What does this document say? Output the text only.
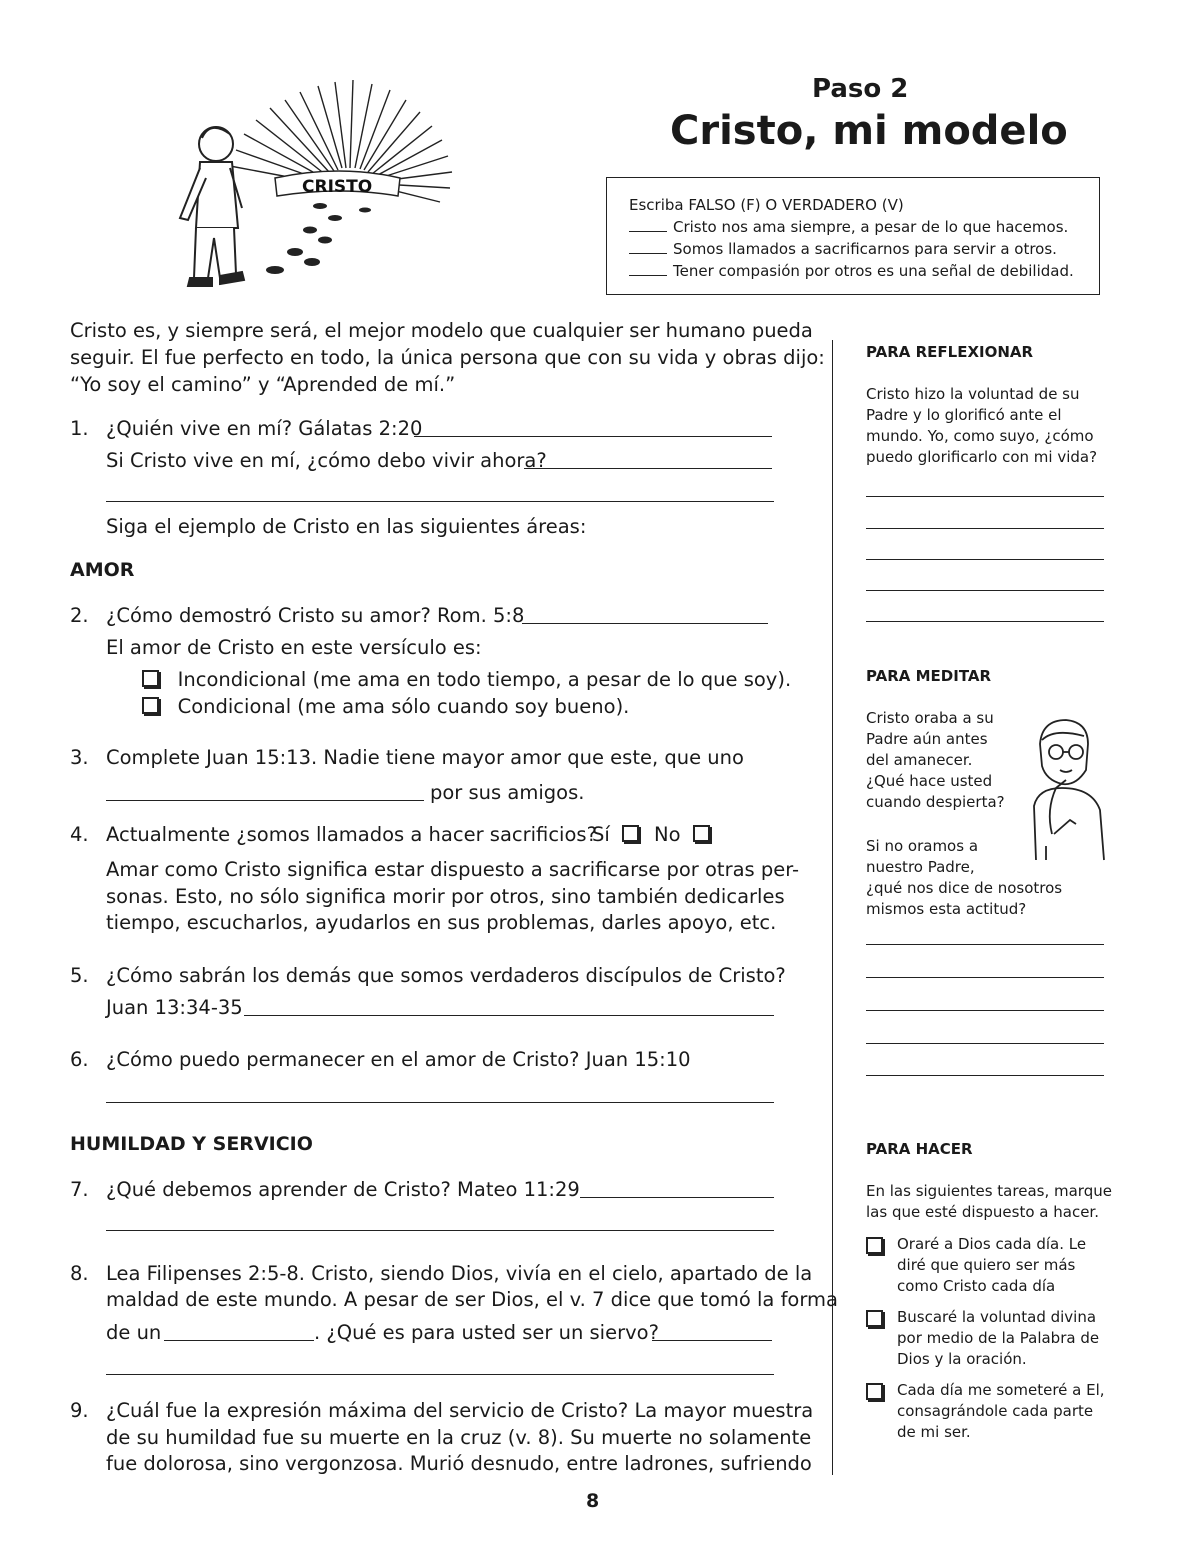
CRISTO
Paso 2
Cristo, mi modelo
Escriba FALSO (F) O VERDADERO (V)
Cristo nos ama siempre, a pesar de lo que hacemos.
Somos llamados a sacrificarnos para servir a otros.
Tener compasión por otros es una señal de debilidad.
Cristo es, y siempre será, el mejor modelo que cualquier ser humano pueda
seguir. El fue perfecto en todo, la única persona que con su vida y obras dijo:
“Yo soy el camino” y “Aprended de mí.”
1. ¿Quién vive en mí? Gálatas 2:20
Si Cristo vive en mí, ¿cómo debo vivir ahora?
Siga el ejemplo de Cristo en las siguientes áreas:
AMOR
2. ¿Cómo demostró Cristo su amor? Rom. 5:8
El amor de Cristo en este versículo es:
Incondicional (me ama en todo tiempo, a pesar de lo que soy).
Condicional (me ama sólo cuando soy bueno).
3. Complete Juan 15:13. Nadie tiene mayor amor que este, que uno
por sus amigos.
4. Actualmente ¿somos llamados a hacer sacrificios?
Sí	No
Amar como Cristo significa estar dispuesto a sacrificarse por otras per-
sonas. Esto, no sólo significa morir por otros, sino también dedicarles
tiempo, escucharlos, ayudarlos en sus problemas, darles apoyo, etc.
5. ¿Cómo sabrán los demás que somos verdaderos discípulos de Cristo?
Juan 13:34-35
6. ¿Cómo puedo permanecer en el amor de Cristo? Juan 15:10
HUMILDAD Y SERVICIO
7. ¿Qué debemos aprender de Cristo? Mateo 11:29
8. Lea Filipenses 2:5-8. Cristo, siendo Dios, vivía en el cielo, apartado de la
maldad de este mundo. A pesar de ser Dios, el v. 7 dice que tomó la forma
de un	. ¿Qué es para usted ser un siervo?
9. ¿Cuál fue la expresión máxima del servicio de Cristo? La mayor muestra
de su humildad fue su muerte en la cruz (v. 8). Su muerte no solamente
fue dolorosa, sino vergonzosa. Murió desnudo, entre ladrones, sufriendo
PARA REFLEXIONAR
Cristo hizo la voluntad de su
Padre y lo glorificó ante el
mundo. Yo, como suyo, ¿cómo
puedo glorificarlo con mi vida?
PARA MEDITAR
Cristo oraba a su
Padre aún antes
del amanecer.
¿Qué hace usted
cuando despierta?
Si no oramos a
nuestro Padre,
¿qué nos dice de nosotros
mismos esta actitud?
PARA HACER
En las siguientes tareas, marque
las que esté dispuesto a hacer.
Oraré a Dios cada día. Le
diré que quiero ser más
como Cristo cada día
Buscaré la voluntad divina
por medio de la Palabra de
Dios y la oración.
Cada día me someteré a El,
consagrándole cada parte
de mi ser.
8
